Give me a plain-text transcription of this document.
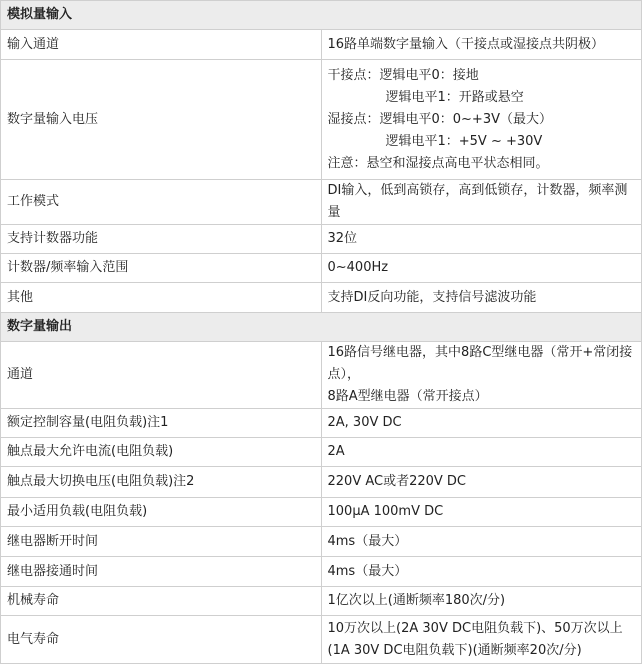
模拟量输入	
输入通道	16路单端数字量输入（干接点或湿接点共阴极）
数字量输入电压	干接点：逻辑电平0：接地
逻辑电平1：开路或悬空
湿接点：逻辑电平0：0~+3V（最大）
逻辑电平1：+5V ~ +30V
注意：悬空和湿接点高电平状态相同。

工作模式	DI输入，低到高锁存，高到低锁存，计数器，频率测量
支持计数器功能	32位
计数器/频率输入范围	0~400Hz
其他	支持DI反向功能，支持信号滤波功能
数字量输出	
通道	16路信号继电器，其中8路C型继电器（常开+常闭接点），
8路A型继电器（常开接点）

额定控制容量(电阻负载)注1	2A, 30V DC
触点最大允许电流(电阻负载)	2A
触点最大切换电压(电阻负载)注2	220V AC或者220V DC
最小适用负载(电阻负载)	100μA 100mV DC
继电器断开时间	4ms（最大）
继电器接通时间	4ms（最大）
机械寿命	1亿次以上(通断频率180次/分)
电气寿命	10万次以上(2A 30V DC电阻负载下)、50万次以上
(1A 30V DC电阻负载下)(通断频率20次/分)
